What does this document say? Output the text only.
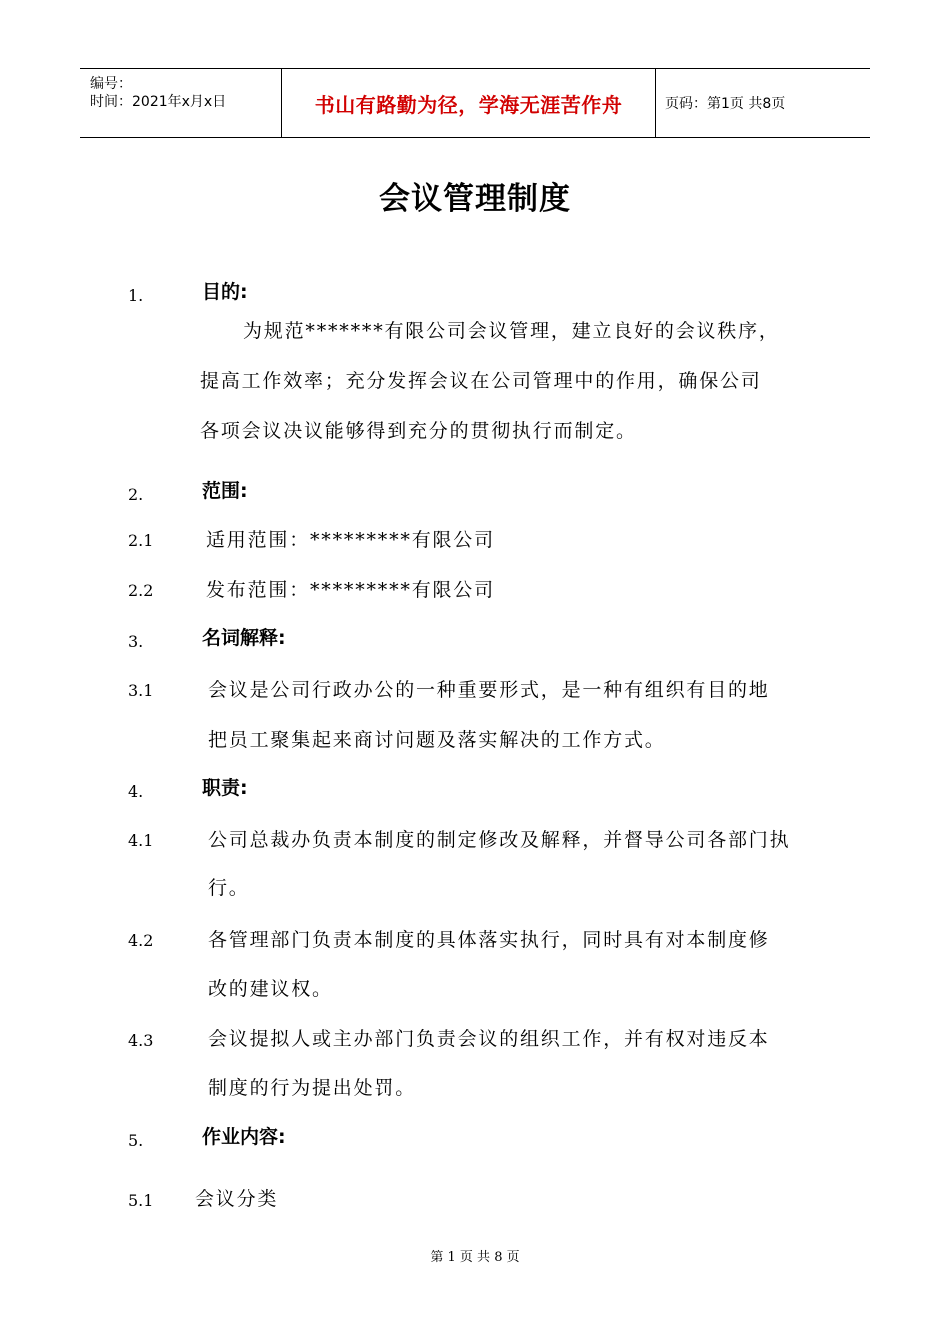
编号：
时间：2021年x月x日	书山有路勤为径，学海无涯苦作舟	页码：第1页 共8页
会议管理制度
1.	目的:
为规范*******有限公司会议管理，建立良好的会议秩序，
提高工作效率；充分发挥会议在公司管理中的作用，确保公司
各项会议决议能够得到充分的贯彻执行而制定。
2.	范围:
2.1	适用范围：*********有限公司
2.2	发布范围：*********有限公司
3.	名词解释:
3.1	会议是公司行政办公的一种重要形式，是一种有组织有目的地
把员工聚集起来商讨问题及落实解决的工作方式。
4.	职责:
4.1	公司总裁办负责本制度的制定修改及解释，并督导公司各部门执
行。
4.2	各管理部门负责本制度的具体落实执行，同时具有对本制度修
改的建议权。
4.3	会议提拟人或主办部门负责会议的组织工作，并有权对违反本
制度的行为提出处罚。
5.	作业内容:
5.1 会议分类
第 1 页 共 8 页
